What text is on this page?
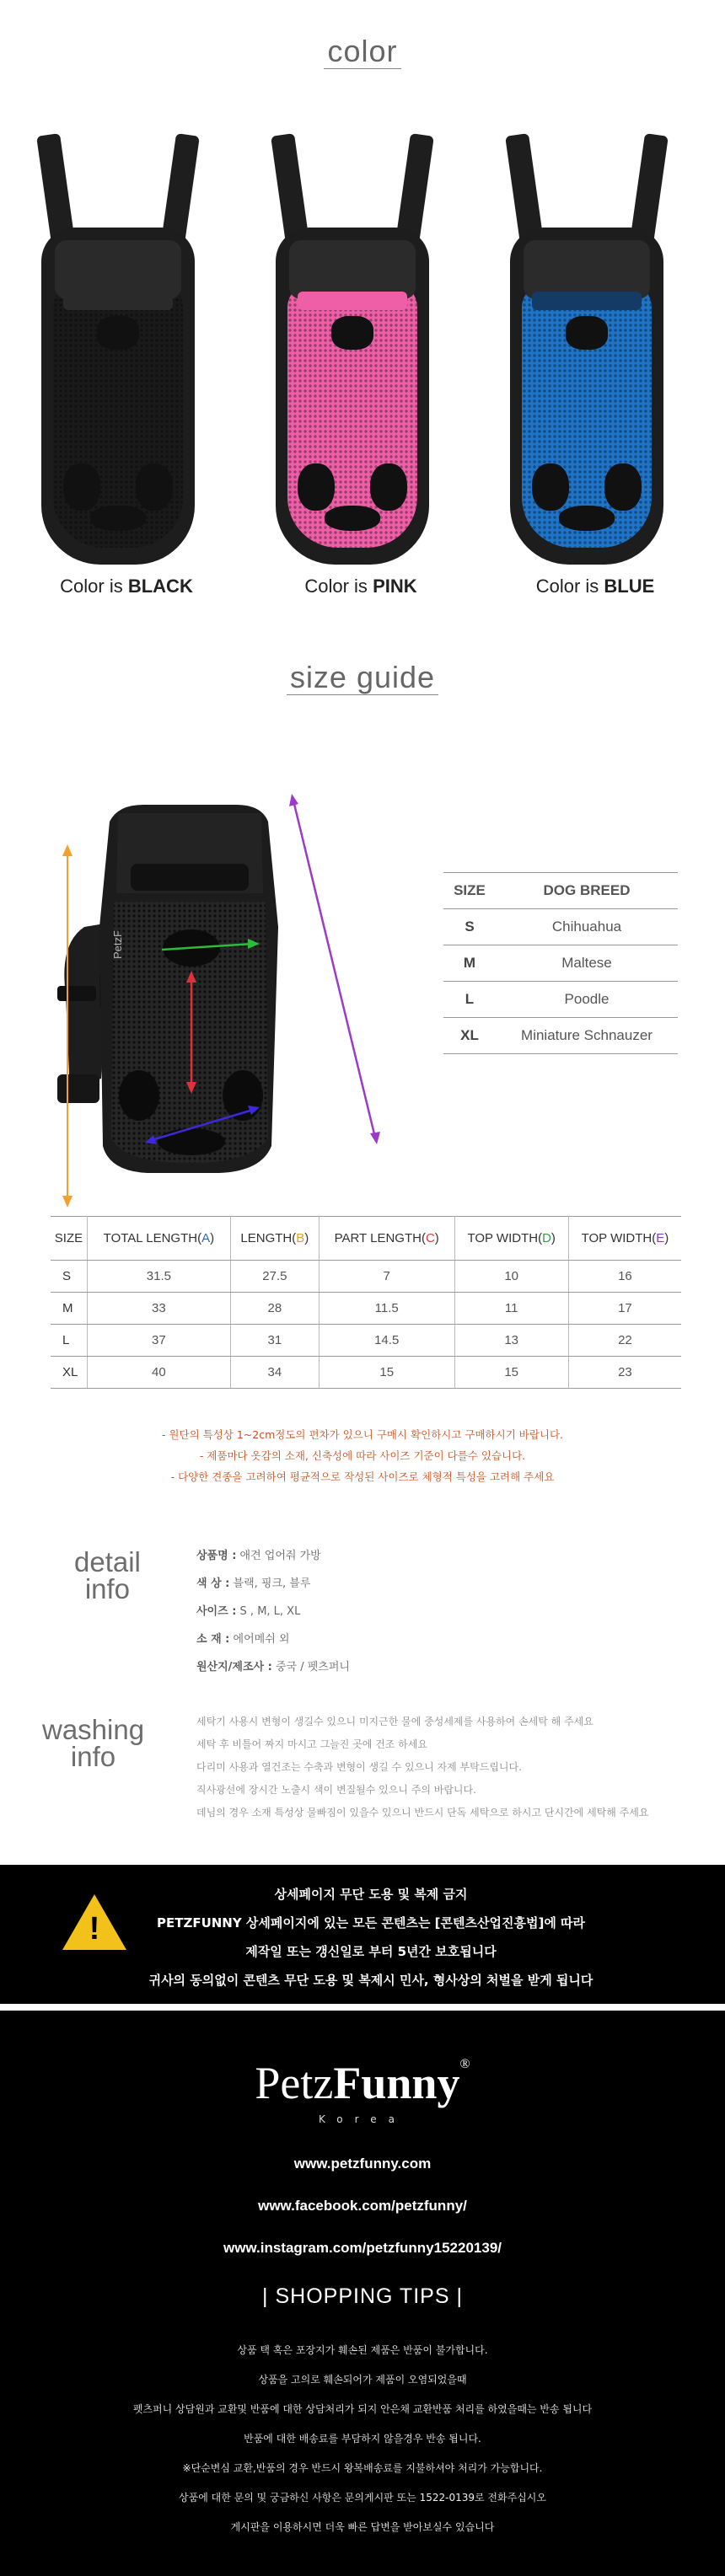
color
Color is BLACK	Color is PINK	Color is BLUE
size guide
PetzF
SIZE	DOG BREED
S	Chihuahua
M	Maltese
L	Poodle
XL	Miniature Schnauzer
SIZE	TOTAL LENGTH(A)	LENGTH(B)	PART LENGTH(C)	TOP WIDTH(D)	TOP WIDTH(E)
S	31.5	27.5	7	10	16
M	33	28	11.5	11	17
L	37	31	14.5	13	22
XL	40	34	15	15	23
- 원단의 특성상 1~2cm정도의 편차가 있으니 구매시 확인하시고 구매하시기 바랍니다.
- 제품마다 옷감의 소재, 신축성에 따라 사이즈 기준이 다를수 있습니다.
- 다양한 견종을 고려하여 평균적으로 작성된 사이즈로 체형적 특성을 고려해 주세요
detail
info
상품명 : 애견 업어줘 가방
색 상 : 블랙, 핑크, 블루
사이즈 : S , M, L, XL
소 재 : 에어메쉬 외
원산지/제조사 : 중국 / 펫츠퍼니
washing
info
세탁기 사용시 변형이 생길수 있으니 미지근한 물에 중성세제를 사용하여 손세탁 해 주세요
세탁 후 비틀어 짜지 마시고 그늘진 곳에 건조 하세요
다리미 사용과 열건조는 수축과 변형이 생길 수 있으니 자제 부탁드립니다.
직사광선에 장시간 노출시 색이 변질될수 있으니 주의 바랍니다.
데님의 경우 소재 특성상 물빠짐이 있을수 있으니 반드시 단독 세탁으로 하시고 단시간에 세탁해 주세요
!
상세페이지 무단 도용 및 복제 금지
PETZFUNNY 상세페이지에 있는 모든 콘텐츠는 [콘텐츠산업진흥법]에 따라
제작일 또는 갱신일로 부터 5년간 보호됩니다
귀사의 동의없이 콘텐츠 무단 도용 및 복제시 민사, 형사상의 처벌을 받게 됩니다
PetzFunny®
Korea
www.petzfunny.com
www.facebook.com/petzfunny/
www.instagram.com/petzfunny15220139/
| SHOPPING TIPS |
상품 택 혹은 포장지가 훼손된 제품은 반품이 불가합니다.
상품을 고의로 훼손되어가 제품이 오염되었을때
펫츠퍼니 상담원과 교환및 반품에 대한 상담처리가 되지 안은채 교환반품 처리를 하였을때는 반송 됩니다
반품에 대한 배송료를 부담하지 않을경우 반송 됩니다.
※단순변심 교환,반품의 경우 반드시 왕복배송료를 지불하셔야 처리가 가능합니다.
상품에 대한 문의 및 궁금하신 사항은 문의게시판 또는 1522-0139로 전화주십시오
게시판을 이용하시면 더욱 빠른 답변을 받아보실수 있습니다
